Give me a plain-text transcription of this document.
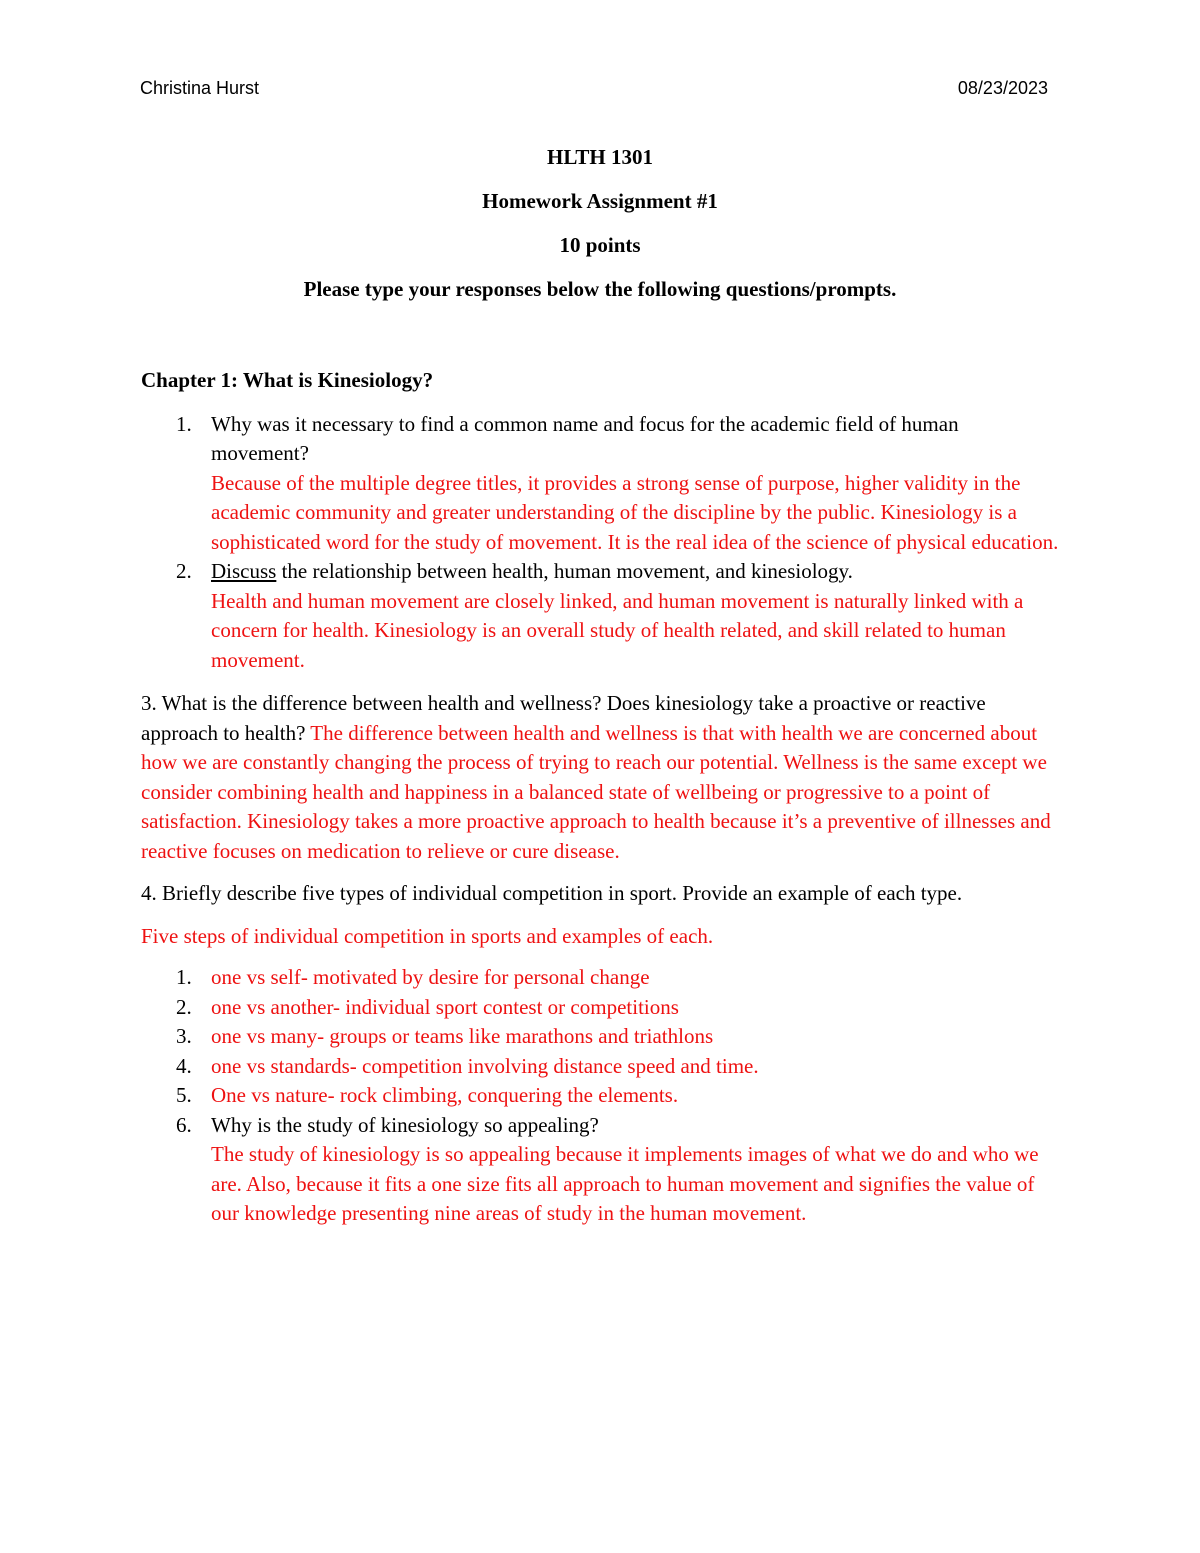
Christina Hurst	08/23/2023

HLTH 1301

Homework Assignment #1

10 points

Please type your responses below the following questions/prompts.

Chapter 1: What is Kinesiology?

1. Why was it necessary to find a common name and focus for the academic field of human movement?
Because of the multiple degree titles, it provides a strong sense of purpose, higher validity in the academic community and greater understanding of the discipline by the public. Kinesiology is a sophisticated word for the study of movement. It is the real idea of the science of physical education.
2. Discuss the relationship between health, human movement, and kinesiology.
Health and human movement are closely linked, and human movement is naturally linked with a concern for health. Kinesiology is an overall study of health related, and skill related to human movement.

3. What is the difference between health and wellness? Does kinesiology take a proactive or reactive approach to health? The difference between health and wellness is that with health we are concerned about how we are constantly changing the process of trying to reach our potential. Wellness is the same except we consider combining health and happiness in a balanced state of wellbeing or progressive to a point of satisfaction. Kinesiology takes a more proactive approach to health because it’s a preventive of illnesses and reactive focuses on medication to relieve or cure disease.

4. Briefly describe five types of individual competition in sport. Provide an example of each type.

Five steps of individual competition in sports and examples of each.

1. one vs self- motivated by desire for personal change
2. one vs another- individual sport contest or competitions
3. one vs many- groups or teams like marathons and triathlons
4. one vs standards- competition involving distance speed and time.
5. One vs nature- rock climbing, conquering the elements.
6. Why is the study of kinesiology so appealing?
The study of kinesiology is so appealing because it implements images of what we do and who we are. Also, because it fits a one size fits all approach to human movement and signifies the value of our knowledge presenting nine areas of study in the human movement.
